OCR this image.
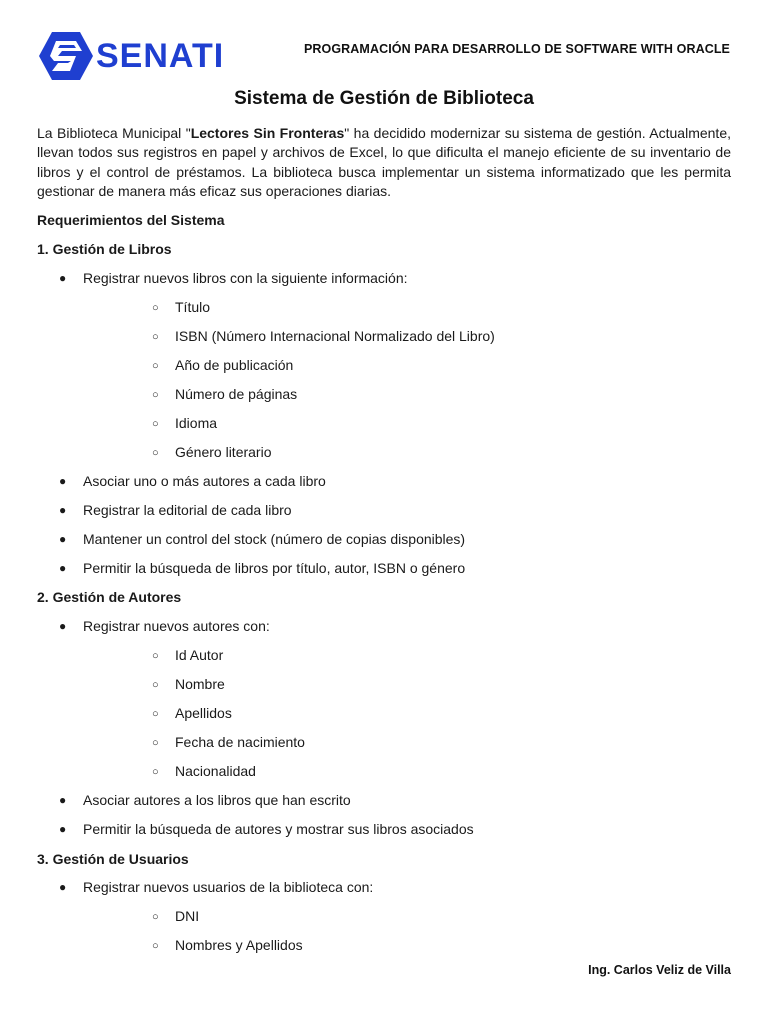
SENATI	PROGRAMACIÓN PARA DESARROLLO DE SOFTWARE WITH ORACLE
Sistema de Gestión de Biblioteca

La Biblioteca Municipal "Lectores Sin Fronteras" ha decidido modernizar su sistema de gestión. Actualmente, llevan todos sus registros en papel y archivos de Excel, lo que dificulta el manejo eficiente de su inventario de libros y el control de préstamos. La biblioteca busca implementar un sistema informatizado que les permita gestionar de manera más eficaz sus operaciones diarias.

Requerimientos del Sistema
1. Gestión de Libros
● Registrar nuevos libros con la siguiente información:
○ Título
○ ISBN (Número Internacional Normalizado del Libro)
○ Año de publicación
○ Número de páginas
○ Idioma
○ Género literario
● Asociar uno o más autores a cada libro
● Registrar la editorial de cada libro
● Mantener un control del stock (número de copias disponibles)
● Permitir la búsqueda de libros por título, autor, ISBN o género
2. Gestión de Autores
● Registrar nuevos autores con:
○ Id Autor
○ Nombre
○ Apellidos
○ Fecha de nacimiento
○ Nacionalidad
● Asociar autores a los libros que han escrito
● Permitir la búsqueda de autores y mostrar sus libros asociados
3. Gestión de Usuarios
● Registrar nuevos usuarios de la biblioteca con:
○ DNI
○ Nombres y Apellidos
Ing. Carlos Veliz de Villa
